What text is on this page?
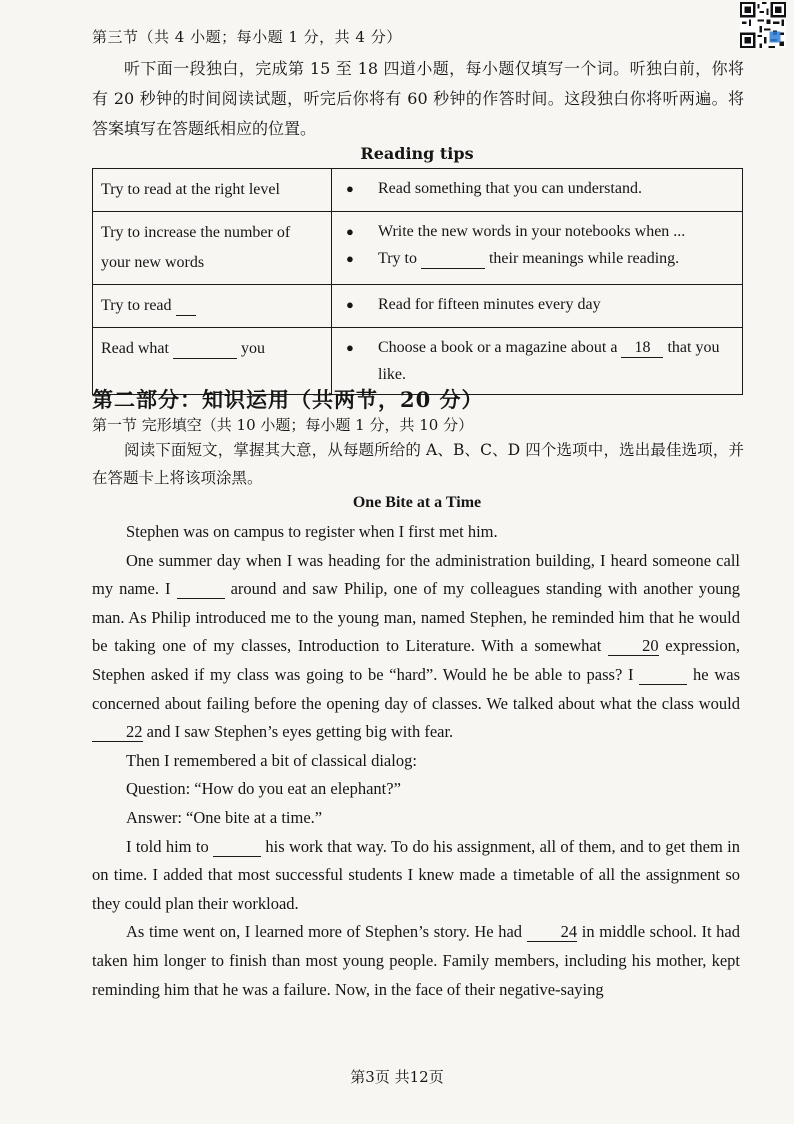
第三节（共 4 小题；每小题 1 分，共 4 分）
听下面一段独白，完成第 15 至 18 四道小题，每小题仅填写一个词。听独白前，你将有 20 秒钟的时间阅读试题，听完后你将有 60 秒钟的作答时间。这段独白你将听两遍。将答案填写在答题纸相应的位置。
Reading tips
Try to read at the right level	● Read something that you can understand.

Try to increase the number of your new words	● Write the new words in your notebooks when ...
● Try to their meanings while reading.

Try to read	● Read for fifteen minutes every day

Read what you	● Choose a book or a magazine about a 18 that you like.
第二部分：知识运用（共两节，20 分）
第一节 完形填空（共 10 小题；每小题 1 分，共 10 分）
阅读下面短文，掌握其大意，从每题所给的 A、B、C、D 四个选项中，选出最佳选项，并在答题卡上将该项涂黑。
One Bite at a Time

Stephen was on campus to register when I first met him.

One summer day when I was heading for the administration building, I heard someone call my name. I	around and saw Philip, one of my colleagues standing with another young man. As Philip introduced me to the young man, named Stephen, he reminded him that he would be taking one of my classes, Introduction to Literature. With a somewhat 20 expression, Stephen asked if my class was going to be “hard”. Would he be able to pass? I	he was concerned about failing before the opening day of classes. We talked about what the class would 22 and I saw Stephen’s eyes getting big with fear.

Then I remembered a bit of classical dialog:

Question: “How do you eat an elephant?”

Answer: “One bite at a time.”

I told him to	his work that way. To do his assignment, all of them, and to get them in on time. I added that most successful students I knew made a timetable of all the assignment so they could plan their workload.

As time went on, I learned more of Stephen’s story. He had 24 in middle school. It had taken him longer to finish than most young people. Family members, including his mother, kept reminding him that he was a failure. Now, in the face of their negative-saying

第3页 共12页
